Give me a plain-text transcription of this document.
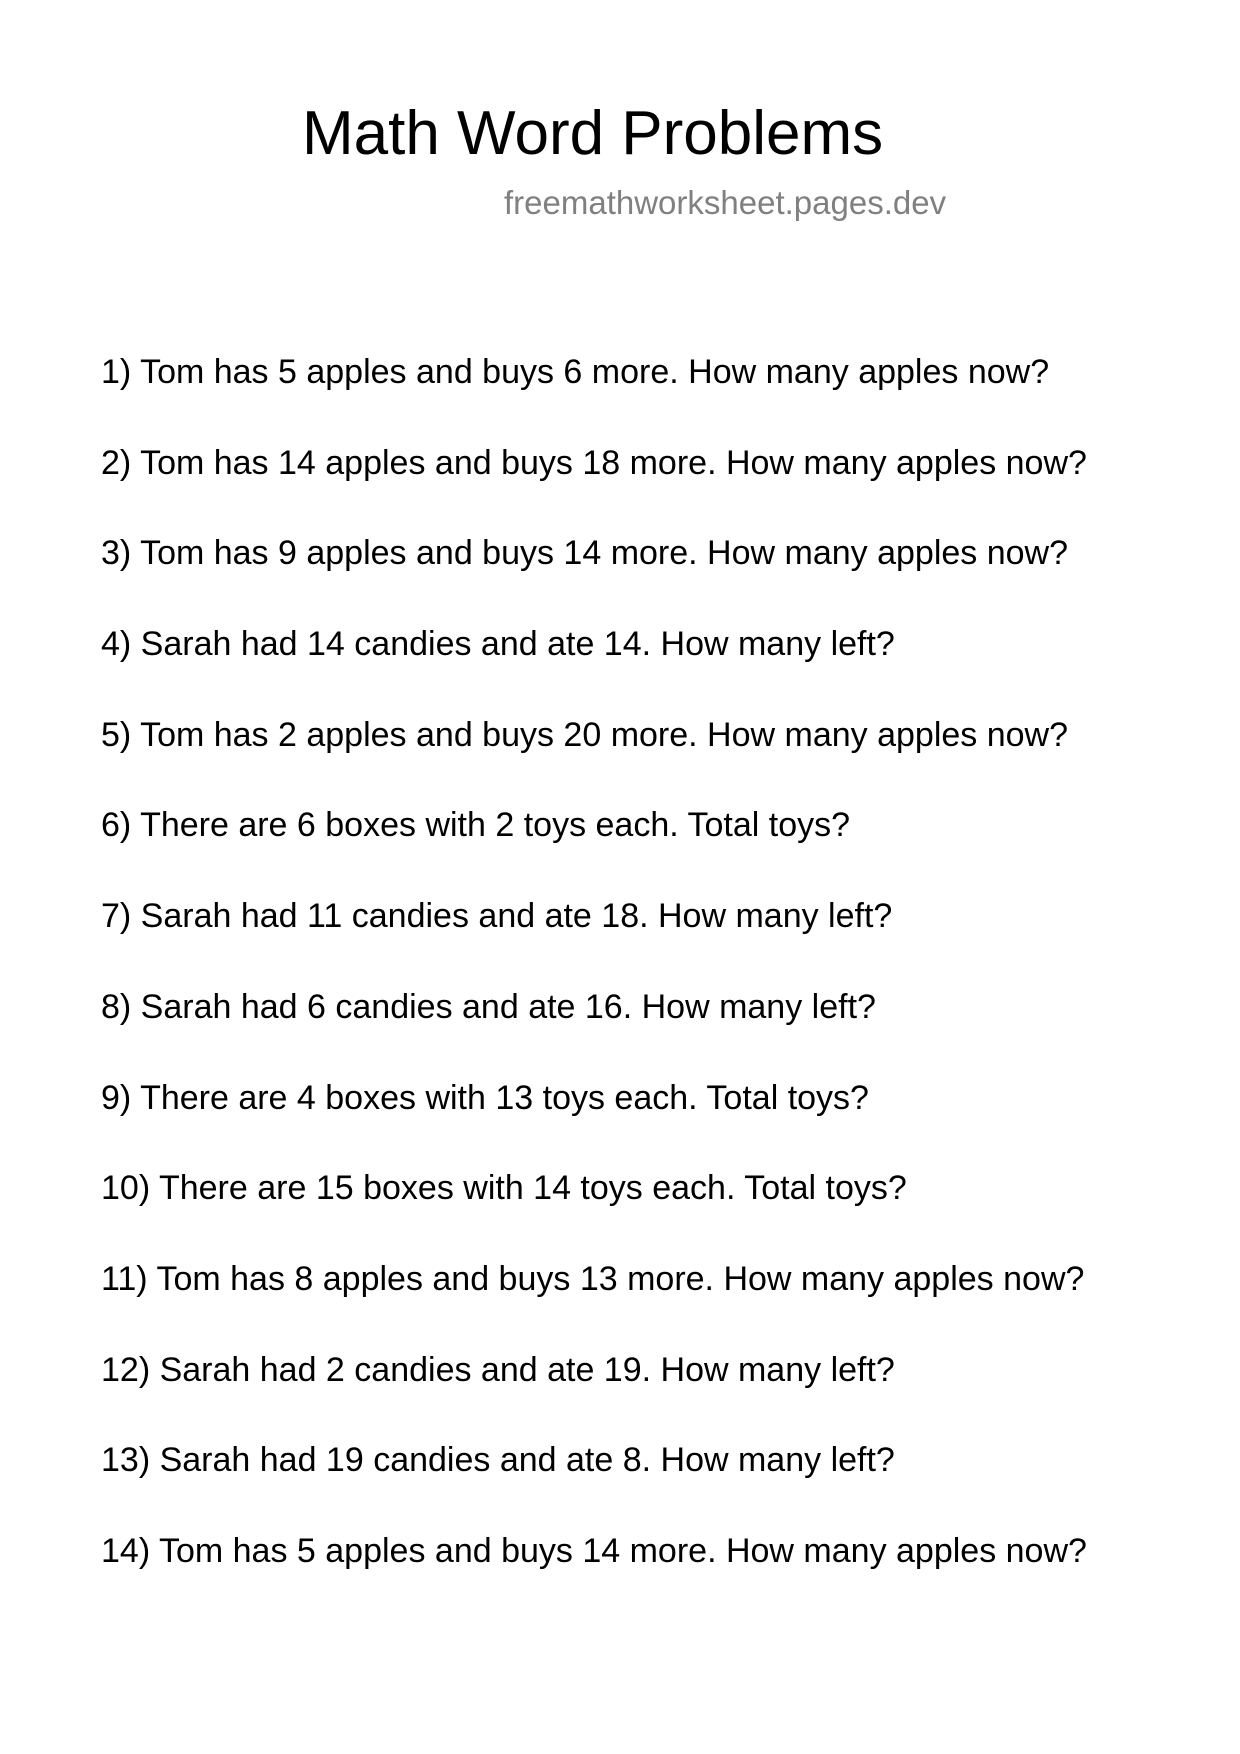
Math Word Problems
freemathworksheet.pages.dev
1) Tom has 5 apples and buys 6 more. How many apples now?
2) Tom has 14 apples and buys 18 more. How many apples now?
3) Tom has 9 apples and buys 14 more. How many apples now?
4) Sarah had 14 candies and ate 14. How many left?
5) Tom has 2 apples and buys 20 more. How many apples now?
6) There are 6 boxes with 2 toys each. Total toys?
7) Sarah had 11 candies and ate 18. How many left?
8) Sarah had 6 candies and ate 16. How many left?
9) There are 4 boxes with 13 toys each. Total toys?
10) There are 15 boxes with 14 toys each. Total toys?
11) Tom has 8 apples and buys 13 more. How many apples now?
12) Sarah had 2 candies and ate 19. How many left?
13) Sarah had 19 candies and ate 8. How many left?
14) Tom has 5 apples and buys 14 more. How many apples now?
